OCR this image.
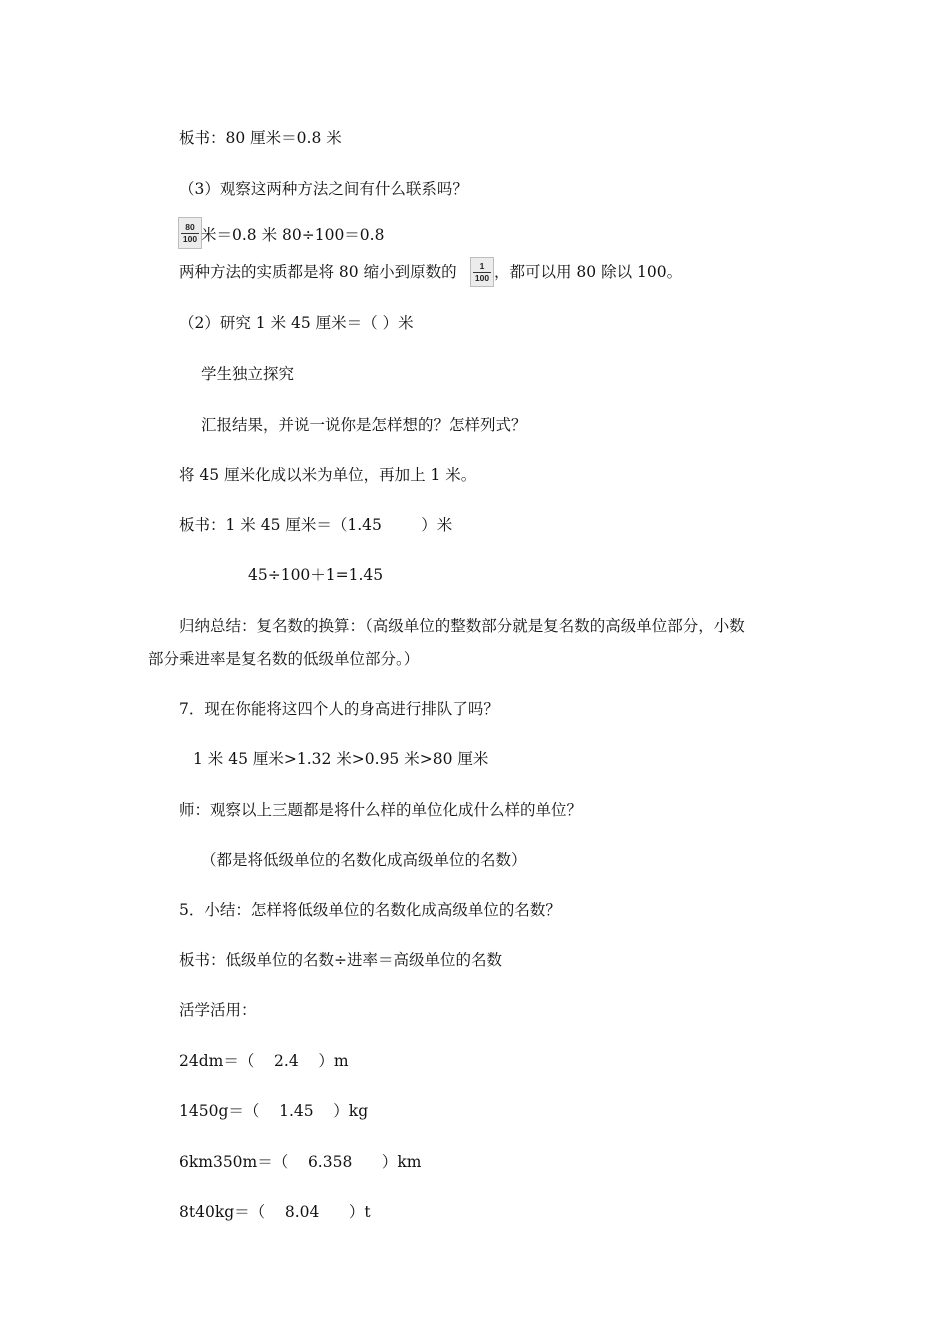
板书：80 厘米＝0.8 米
（3）观察这两种方法之间有什么联系吗？
80
100 米＝0.8 米 80÷100＝0.8
两种方法的实质都是将 80 缩小到原数的	1
100 ，都可以用 80 除以 100。
（2）研究 1 米 45 厘米＝（ ）米
学生独立探究
汇报结果，并说一说你是怎样想的？怎样列式？
将 45 厘米化成以米为单位，再加上 1 米。
板书：1 米 45 厘米＝（1.45        ）米
45÷100＋1=1.45
归纳总结：复名数的换算：（高级单位的整数部分就是复名数的高级单位部分，小数
部分乘进率是复名数的低级单位部分。）
7．现在你能将这四个人的身高进行排队了吗？
1 米 45 厘米>1.32 米>0.95 米>80 厘米
师：观察以上三题都是将什么样的单位化成什么样的单位？
（都是将低级单位的名数化成高级单位的名数）
5．小结：怎样将低级单位的名数化成高级单位的名数？
板书：低级单位的名数÷进率＝高级单位的名数
活学活用：
24dm＝（    2.4    ）m
1450g＝（    1.45    ）kg
6km350m＝（    6.358      ）km
8t40kg＝（    8.04      ）t
